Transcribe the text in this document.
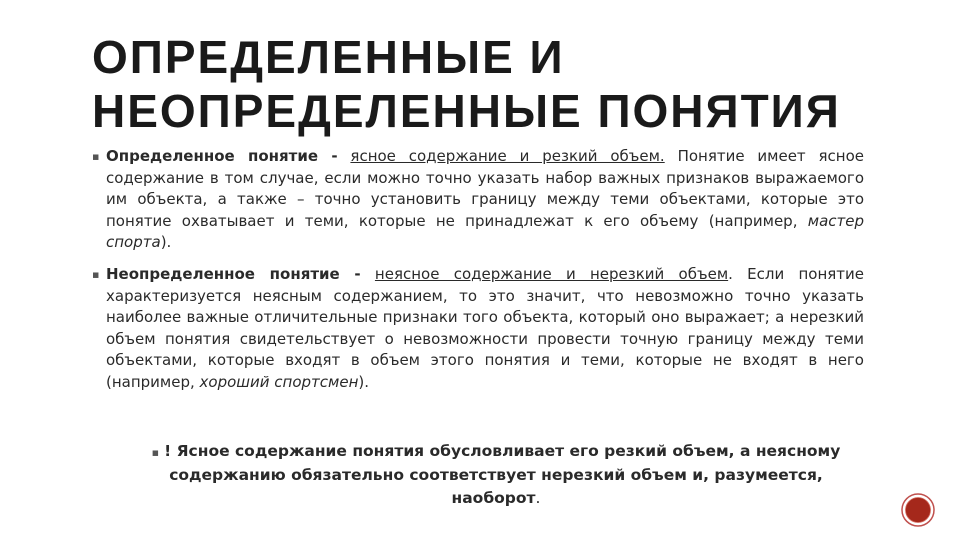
ОПРЕДЕЛЕННЫЕ И НЕОПРЕДЕЛЕННЫЕ ПОНЯТИЯ
▪ Определенное понятие - ясное содержание и резкий объем. Понятие имеет ясное содержание в том случае, если можно точно указать набор важных признаков выражаемого им объекта, а также – точно установить границу между теми объектами, которые это понятие охватывает и теми, которые не принадлежат к его объему (например, мастер спорта).
▪ Неопределенное понятие - неясное содержание и нерезкий объем. Если понятие характеризуется неясным содержанием, то это значит, что невозможно точно указать наиболее важные отличительные признаки того объекта, который оно выражает; а нерезкий объем понятия свидетельствует о невозможности провести точную границу между теми объектами, которые входят в объем этого понятия и теми, которые не входят в него (например, хороший спортсмен).

▪ ! Ясное содержание понятия обусловливает его резкий объем, а неясному содержанию обязательно соответствует нерезкий объем и, разумеется, наоборот.
